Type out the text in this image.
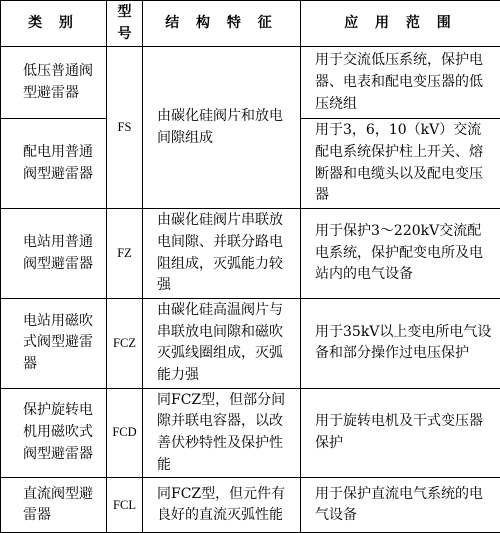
类 别	型号	结 构 特 征	应 用 范 围
低压普通阀型避雷器	FS	由碳化硅阀片和放电间隙组成	用于交流低压系统，保护电器、电表和配电变压器的低压绕组
配电用普通阀型避雷器			用于3，6，10（kV）交流配电系统保护柱上开关、熔断器和电缆头以及配电变压器
电站用普通阀型避雷器	FZ	由碳化硅阀片串联放电间隙、并联分路电阻组成，灭弧能力较强	用于保护3～220kV交流配电系统，保护配变电所及电站内的电气设备
电站用磁吹式阀型避雷器	FCZ	由碳化硅高温阀片与串联放电间隙和磁吹灭弧线圈组成，灭弧能力强	用于35kV以上变电所电气设备和部分操作过电压保护
保护旋转电机用磁吹式阀型避雷器	FCD	同FCZ型，但部分间隙并联电容器，以改善伏秒特性及保护性能	用于旋转电机及干式变压器保护
直流阀型避雷器	FCL	同FCZ型，但元件有良好的直流灭弧性能	用于保护直流电气系统的电气设备
